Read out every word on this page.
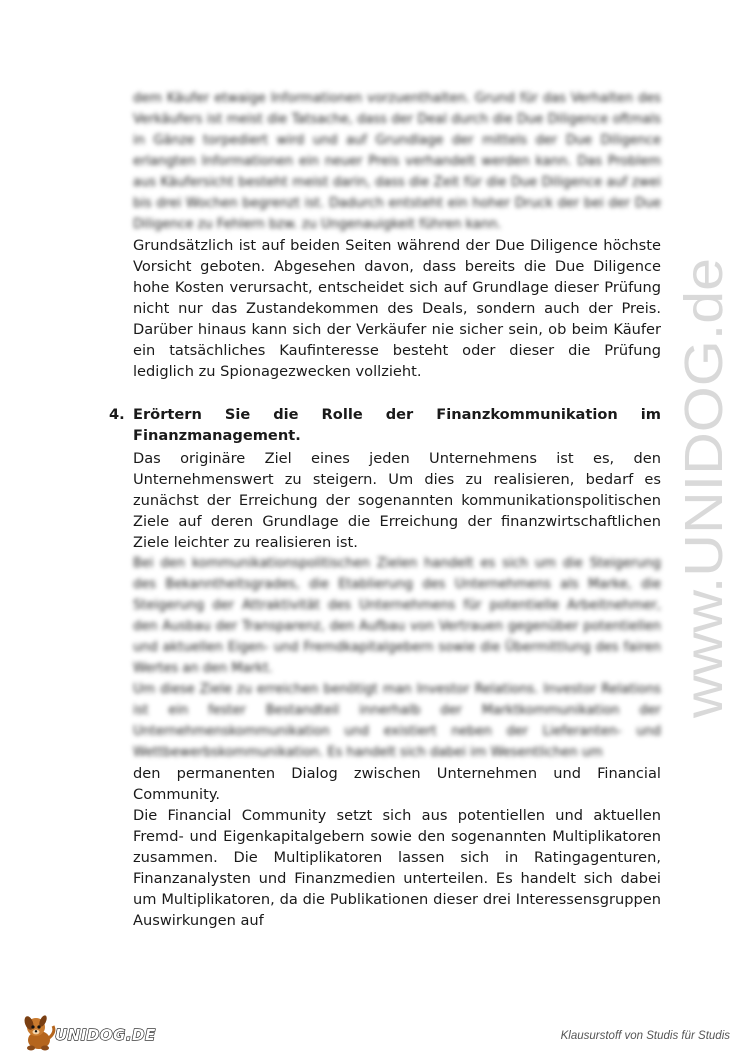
dem Käufer etwaige Informationen vorzuenthalten. Grund für das Verhalten des Verkäufers ist meist die Tatsache, dass der Deal durch die Due Diligence oftmals in Gänze torpediert wird und auf Grundlage der mittels der Due Diligence erlangten Informationen ein neuer Preis verhandelt werden kann. Das Problem aus Käufersicht besteht meist darin, dass die Zeit für die Due Diligence auf zwei bis drei Wochen begrenzt ist. Dadurch entsteht ein hoher Druck der bei der Due Diligence zu Fehlern bzw. zu Ungenauigkeit führen kann.

Grundsätzlich ist auf beiden Seiten während der Due Diligence höchste Vorsicht geboten. Abgesehen davon, dass bereits die Due Diligence hohe Kosten verursacht, entscheidet sich auf Grundlage dieser Prüfung nicht nur das Zustandekommen des Deals, sondern auch der Preis. Darüber hinaus kann sich der Verkäufer nie sicher sein, ob beim Käufer ein tatsächliches Kaufinteresse besteht oder dieser die Prüfung lediglich zu Spionagezwecken vollzieht.

4. Erörtern Sie die Rolle der Finanzkommunikation im Finanzmanagement.

Das originäre Ziel eines jeden Unternehmens ist es, den Unternehmenswert zu steigern. Um dies zu realisieren, bedarf es zunächst der Erreichung der sogenannten kommunikationspolitischen Ziele auf deren Grundlage die Erreichung der finanzwirtschaftlichen Ziele leichter zu realisieren ist.

Bei den kommunikationspolitischen Zielen handelt es sich um die Steigerung des Bekanntheitsgrades, die Etablierung des Unternehmens als Marke, die Steigerung der Attraktivität des Unternehmens für potentielle Arbeitnehmer, den Ausbau der Transparenz, den Aufbau von Vertrauen gegenüber potentiellen und aktuellen Eigen- und Fremdkapitalgebern sowie die Übermittlung des fairen Wertes an den Markt.

Um diese Ziele zu erreichen benötigt man Investor Relations. Investor Relations ist ein fester Bestandteil innerhalb der Marktkommunikation der Unternehmenskommunikation und existiert neben der Lieferanten- und Wettbewerbskommunikation. Es handelt sich dabei im Wesentlichen um

den permanenten Dialog zwischen Unternehmen und Financial Community.

Die Financial Community setzt sich aus potentiellen und aktuellen Fremd- und Eigenkapitalgebern sowie den sogenannten Multiplikatoren zusammen. Die Multiplikatoren lassen sich in Ratingagenturen, Finanzanalysten und Finanzmedien unterteilen. Es handelt sich dabei um Multiplikatoren, da die Publikationen dieser drei Interessensgruppen Auswirkungen auf

www.UNIDOG.de
UNIDOG.DE	Klausurstoff von Studis für Studis
